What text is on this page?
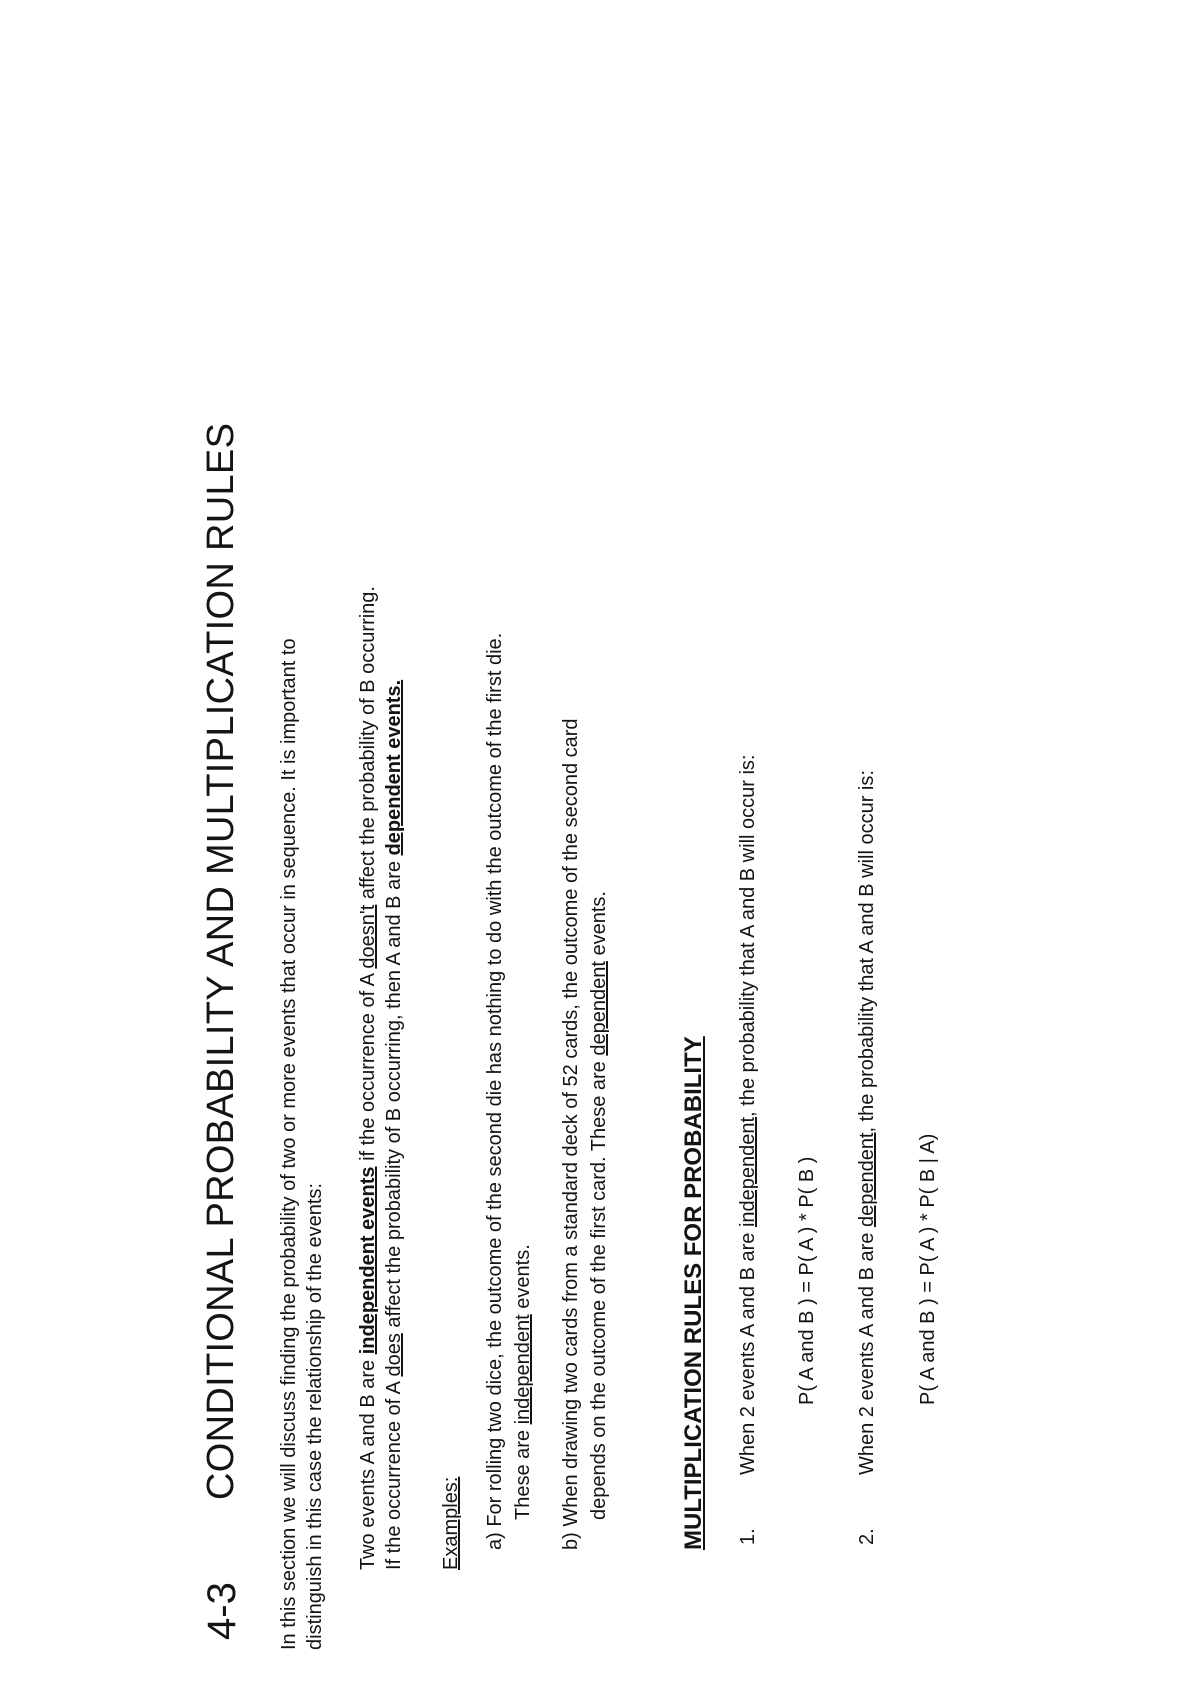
4-3
CONDITIONAL PROBABILITY AND MULTIPLICATION RULES In this section we will discuss finding the probability of two or more events that occur in sequence. It is important to distinguish in this case the relationship of the events: Two events A and B are independent events if the occurrence of A doesn't affect the probability of B occurring.
If the occurrence of A does affect the probability of B occurring, then A and B are dependent events.
Examples: a) For rolling two dice, the outcome of the second die has nothing to do with the outcome of the first die. These are independent events. b) When drawing two cards from a standard deck of 52 cards, the outcome of the second card depends on the outcome of the first card. These are dependent events.
MULTIPLICATION RULES FOR PROBABILITY 1.
When 2 events A and B are independent, the probability that A and B will occur is:
P( A and B ) = P( A ) * P( B )
2.
When 2 events A and B are dependent, the probability that A and B will occur is:
P( A and B ) = P( A ) * P( B | A)
